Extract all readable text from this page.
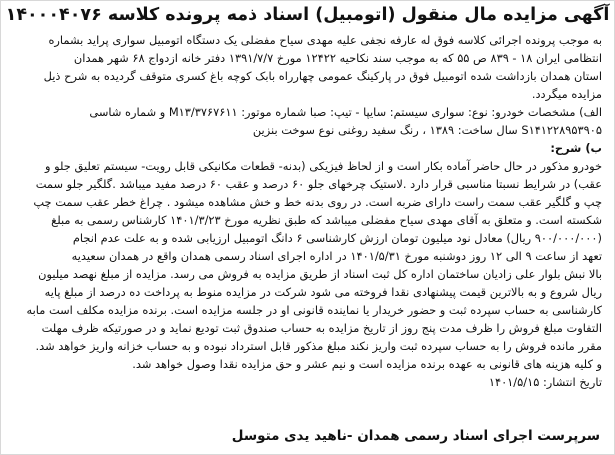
آگهی مزایده مال منقول (اتومبیل) اسناد ذمه پرونده کلاسه ۱۴۰۰۰۴۰۷۶
به موجب پرونده اجرائی کلاسه فوق له عارفه نجفی علیه مهدی سیاح مفضلی یک دستگاه اتومبیل سواری پراید بشماره
انتظامی ایران ۱۸ - ۸۳۹ ص ۵۵ که به موجب سند نکاحیه ۱۲۴۲۲ مورخ ۱۳۹۱/۷/۷ دفتر خانه ازدواج ۶۸ شهر همدان
استان همدان بازداشت شده اتومبیل فوق در پارکینگ عمومی چهارراه بابک کوچه باغ کسری متوقف گردیده به شرح ذیل
مزایده میگردد.
الف) مشخصات خودرو: نوع: سواری سیستم: سایپا - تیپ: صبا شماره موتور: M۱۳/۳۷۶۷۶۱۱ و شماره شاسی
S۱۴۱۲۲۸۹۵۳۹۰۵ سال ساخت: ۱۳۸۹ ، رنگ سفید روغنی نوع سوخت بنزین
ب) شرح:
خودرو مذکور در حال حاضر آماده بکار است و از لحاظ فیزیکی (بدنه- قطعات مکانیکی قابل رویت- سیستم تعلیق جلو و
عقب) در شرایط نسبتا مناسبی قرار دارد .لاستیک چرخهای جلو ۶۰ درصد و عقب ۶۰ درصد مفید میباشد .گلگیر جلو سمت
چپ و گلگیر عقب سمت راست دارای ضربه است. در روی بدنه خط و خش مشاهده میشود . چراغ خطر عقب سمت چپ
شکسته است. و متعلق به آقای مهدی سیاح مفضلی میباشد که طبق نظریه مورخ ۱۴۰۱/۳/۲۳ کارشناس رسمی به مبلغ
(۹۰۰/۰۰۰/۰۰۰ ریال) معادل نود میلیون تومان ارزش کارشناسی ۶ دانگ اتومبیل ارزیابی شده و به علت عدم انجام
تعهد از ساعت ۹ الی ۱۲ روز دوشنبه مورخ ۱۴۰۱/۵/۳۱ در اداره اجرای اسناد رسمی همدان واقع در همدان سعیدیه
بالا نبش بلوار علی زادیان ساختمان اداره کل ثبت اسناد از طریق مزایده به فروش می رسد. مزایده از مبلغ نهصد میلیون
ریال شروع و به بالاترین قیمت پیشنهادی نقدا فروخته می شود شرکت در مزایده منوط به پرداخت ده درصد از مبلغ پایه
کارشناسی به حساب سپرده ثبت و حضور خریدار یا نماینده قانونی او در جلسه مزایده است. برنده مزایده مکلف است مابه
التفاوت مبلغ فروش را ظرف مدت پنج روز از تاریخ مزایده به حساب صندوق ثبت تودیع نماید و در صورتیکه ظرف مهلت
مقرر مانده فروش را به حساب سپرده ثبت واریز نکند مبلغ مذکور قابل استرداد نبوده و به حساب خزانه واریز خواهد شد.
و کلیه هزینه های قانونی به عهده برنده مزایده است و نیم عشر و حق مزایده نقدا وصول خواهد شد.
تاریخ انتشار: ۱۴۰۱/۵/۱۵
سرپرست اجرای اسناد رسمی همدان -ناهید یدی متوسل
